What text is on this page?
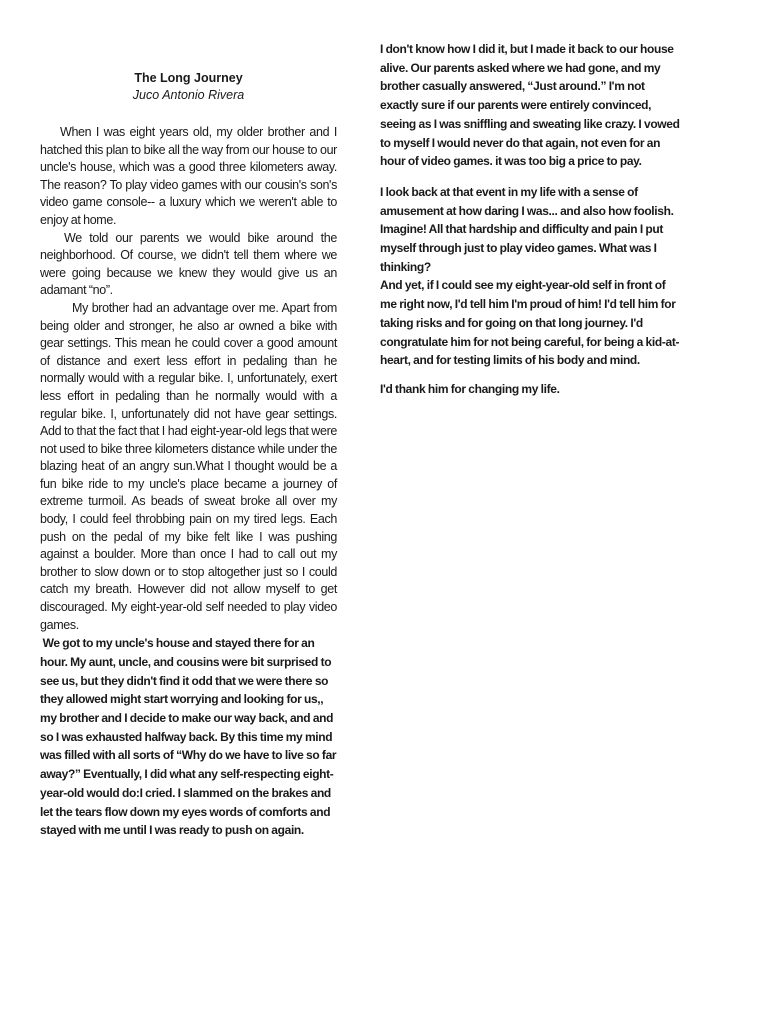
The Long Journey

Juco Antonio Rivera

When I was eight years old, my older brother and I hatched this plan to bike all the way from our house to our uncle's house, which was a good three kilometers away. The reason? To play video games with our cousin's son's video game console-- a luxury which we weren't able to enjoy at home.

We told our parents we would bike around the neighborhood. Of course, we didn't tell them where we were going because we knew they would give us an adamant “no”.

My brother had an advantage over me. Apart from being older and stronger, he also ar owned a bike with gear settings. This mean he could cover a good amount of distance and exert less effort in pedaling than he normally would with a regular bike. I, unfortunately, exert less effort in pedaling than he normally would with a regular bike. I, unfortunately did not have gear settings. Add to that the fact that I had eight-year-old legs that were not used to bike three kilometers distance while under the blazing heat of an angry sun.What I thought would be a fun bike ride to my uncle's place became a journey of extreme turmoil. As beads of sweat broke all over my body, I could feel throbbing pain on my tired legs. Each push on the pedal of my bike felt like I was pushing against a boulder. More than once I had to call out my brother to slow down or to stop altogether just so I could catch my breath. However did not allow myself to get discouraged. My eight-year-old self needed to play video games.

We got to my uncle's house and stayed there for an hour. My aunt, uncle, and cousins were bit surprised to see us, but they didn't find it odd that we were there so they allowed might start worrying and looking for us,, my brother and I decide to make our way back, and and so I was exhausted halfway back. By this time my mind was filled with all sorts of “Why do we have to live so far away?” Eventually, I did what any self-respecting eight-year-old would do:I cried. I slammed on the brakes and let the tears flow down my eyes words of comforts and stayed with me until I was ready to push on again.

I don't know how I did it, but I made it back to our house alive. Our parents asked where we had gone, and my brother casually answered, “Just around.” I'm not exactly sure if our parents were entirely convinced, seeing as I was sniffling and sweating like crazy. I vowed to myself I would never do that again, not even for an hour of video games. it was too big a price to pay.

I look back at that event in my life with a sense of amusement at how daring I was... and also how foolish. Imagine! All that hardship and difficulty and pain I put myself through just to play video games. What was I thinking?

And yet, if I could see my eight-year-old self in front of me right now, I'd tell him I'm proud of him! I'd tell him for taking risks and for going on that long journey. I'd congratulate him for not being careful, for being a kid-at-heart, and for testing limits of his body and mind.

I'd thank him for changing my life.
